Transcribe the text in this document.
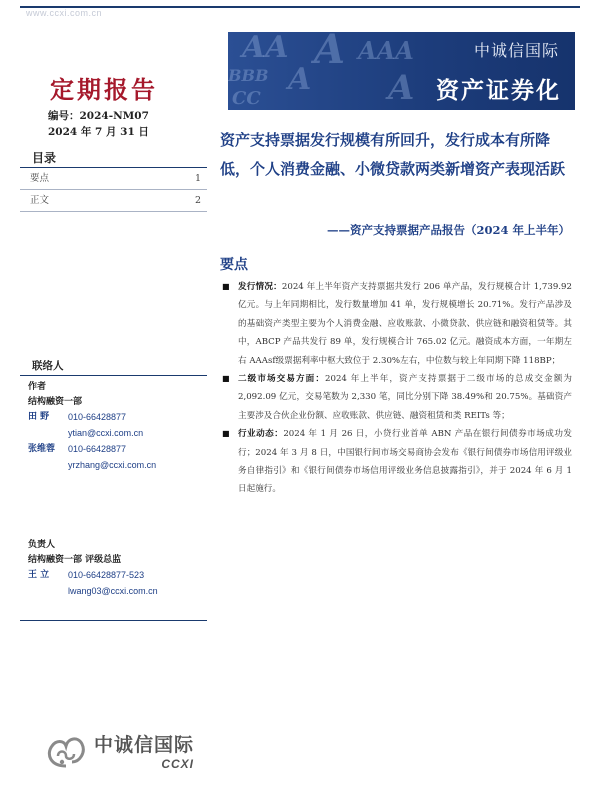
www.ccxi.com.cn
AA A AAA
BBB A
CC	A
中诚信国际
资产证券化
定期报告
编号：2024-NM07
2024 年 7 月 31 日	资产支持票据发行规模有所回升，发行成本有所降低，个人消费金融、小微贷款两类新增资产表现活跃
——资产支持票据产品报告（2024 年上半年）
目录
要点	1
正文	2
联络人
作者
结构融资一部
田 野	010-66428877
ytian@ccxi.com.cn
张维蓉	010-66428877
yrzhang@ccxi.com.cn
负责人
结构融资一部 评级总监
王 立	010-66428877-523
lwang03@ccxi.com.cn
要点
■ 发行情况：2024 年上半年资产支持票据共发行 206 单产品，发行规模合计 1,739.92 亿元。与上年同期相比，发行数量增加 41 单，发行规模增长 20.71%。发行产品涉及的基础资产类型主要为个人消费金融、应收账款、小微贷款、供应链和融资租赁等。其中，ABCP 产品共发行 89 单，发行规模合计 765.02 亿元。融资成本方面，一年期左右 AAAsf级票据利率中枢大致位于 2.30%左右，中位数与较上年同期下降 118BP；
■ 二级市场交易方面：2024 年上半年，资产支持票据于二级市场的总成交金额为 2,092.09 亿元，交易笔数为 2,330 笔，同比分别下降 38.49%和 20.75%。基础资产主要涉及合伙企业份额、应收账款、供应链、融资租赁和类 REITs 等；
■ 行业动态：2024 年 1 月 26 日，小贷行业首单 ABN 产品在银行间债券市场成功发行；2024 年 3 月 8 日，中国银行间市场交易商协会发布《银行间债券市场信用评级业务自律指引》和《银行间债券市场信用评级业务信息披露指引》，并于 2024 年 6 月 1 日起施行。
中诚信国际
CCXI
